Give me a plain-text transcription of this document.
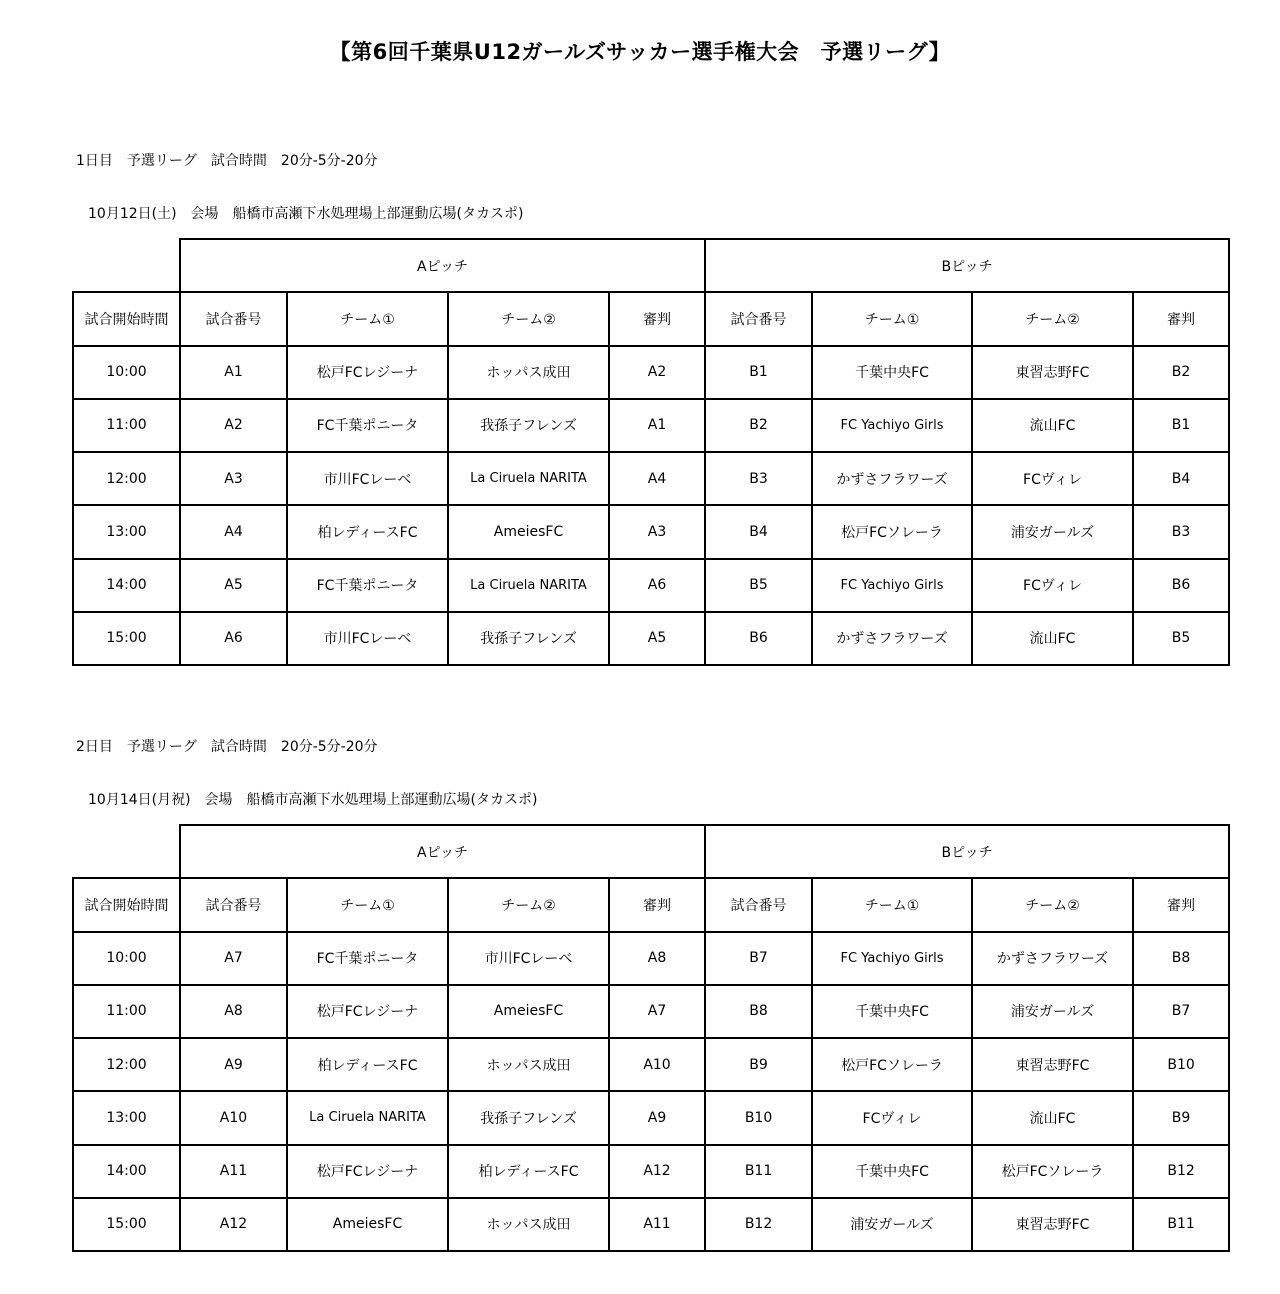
【第6回千葉県U12ガールズサッカー選手権大会　予選リーグ】
1日目　予選リーグ　試合時間　20分-5分-20分
10月12日(土)　会場　船橋市高瀬下水処理場上部運動広場(タカスポ)
	Aピッチ				Bピッチ			
試合開始時間	試合番号	チーム①	チーム②	審判	試合番号	チーム①	チーム②	審判
10:00	A1	松戸FCレジーナ	ホッパス成田	A2	B1	千葉中央FC	東習志野FC	B2
11:00	A2	FC千葉ポニータ	我孫子フレンズ	A1	B2	FC Yachiyo Girls	流山FC	B1
12:00	A3	市川FCレーベ	La Ciruela NARITA	A4	B3	かずさフラワーズ	FCヴィレ	B4
13:00	A4	柏レディースFC	AmeiesFC	A3	B4	松戸FCソレーラ	浦安ガールズ	B3
14:00	A5	FC千葉ポニータ	La Ciruela NARITA	A6	B5	FC Yachiyo Girls	FCヴィレ	B6
15:00	A6	市川FCレーベ	我孫子フレンズ	A5	B6	かずさフラワーズ	流山FC	B5
2日目　予選リーグ　試合時間　20分-5分-20分
10月14日(月祝)　会場　船橋市高瀬下水処理場上部運動広場(タカスポ)
	Aピッチ				Bピッチ			
試合開始時間	試合番号	チーム①	チーム②	審判	試合番号	チーム①	チーム②	審判
10:00	A7	FC千葉ポニータ	市川FCレーベ	A8	B7	FC Yachiyo Girls	かずさフラワーズ	B8
11:00	A8	松戸FCレジーナ	AmeiesFC	A7	B8	千葉中央FC	浦安ガールズ	B7
12:00	A9	柏レディースFC	ホッパス成田	A10	B9	松戸FCソレーラ	東習志野FC	B10
13:00	A10	La Ciruela NARITA	我孫子フレンズ	A9	B10	FCヴィレ	流山FC	B9
14:00	A11	松戸FCレジーナ	柏レディースFC	A12	B11	千葉中央FC	松戸FCソレーラ	B12
15:00	A12	AmeiesFC	ホッパス成田	A11	B12	浦安ガールズ	東習志野FC	B11
